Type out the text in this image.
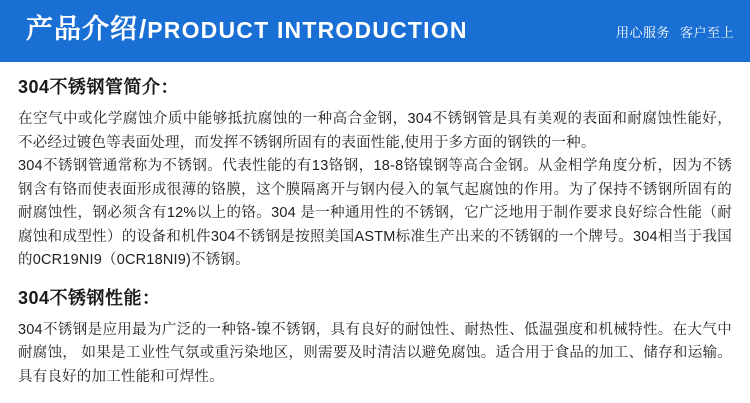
产品介绍 / PRODUCT INTRODUCTION	用心服务 客户至上
304不锈钢管简介：

在空气中或化学腐蚀介质中能够抵抗腐蚀的一种高合金钢，304不锈钢管是具有美观的表面和耐腐蚀性能好，不必经过镀色等表面处理，而发挥不锈钢所固有的表面性能,使用于多方面的钢铁的一种。

304不锈钢管通常称为不锈钢。代表性能的有13铬钢，18-8铬镍钢等高合金钢。从金相学角度分析，因为不锈钢含有铬而使表面形成很薄的铬膜，这个膜隔离开与钢内侵入的氧气起腐蚀的作用。为了保持不锈钢所固有的耐腐蚀性，钢必须含有12%以上的铬。304 是一种通用性的不锈钢，它广泛地用于制作要求良好综合性能（耐腐蚀和成型性）的设备和机件304不锈钢是按照美国ASTM标准生产出来的不锈钢的一个牌号。304相当于我国的0CR19NI9（0CR18NI9)不锈钢。

304不锈钢性能：

304不锈钢是应用最为广泛的一种铬-镍不锈钢，具有良好的耐蚀性、耐热性、低温强度和机械特性。在大气中耐腐蚀， 如果是工业性气氛或重污染地区，则需要及时清洁以避免腐蚀。适合用于食品的加工、储存和运输。 具有良好的加工性能和可焊性。
